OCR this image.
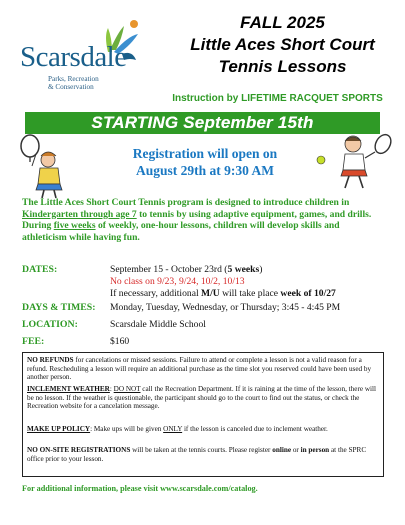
Scarsdale
Parks, Recreation
& Conservation
FALL 2025
Little Aces Short Court
Tennis Lessons
Instruction by LIFETIME RACQUET SPORTS
STARTING September 15th
Registration will open on
August 29th at 9:30 AM
The Little Aces Short Court Tennis program is designed to introduce children in Kindergarten through age 7 to tennis by using adaptive equipment, games, and drills. During five weeks of weekly, one-hour lessons, children will develop skills and athleticism while having fun.
DATES:	September 15 - October 23rd (5 weeks)
No class on 9/23, 9/24, 10/2, 10/13
If necessary, additional M/U will take place week of 10/27
DAYS & TIMES: Monday, Tuesday, Wednesday, or Thursday; 3:45 - 4:45 PM
LOCATION:	Scarsdale Middle School
FEE:	$160
NO REFUNDS for cancelations or missed sessions. Failure to attend or complete a lesson is not a valid reason for a refund. Rescheduling a lesson will require an additional purchase as the time slot you reserved could have been used by another person.
INCLEMENT WEATHER: DO NOT call the Recreation Department. If it is raining at the time of the lesson, there will be no lesson. If the weather is questionable, the participant should go to the court to find out the status, or check the Recreation website for a cancelation message.
MAKE UP POLICY: Make ups will be given ONLY if the lesson is canceled due to inclement weather.
NO ON-SITE REGISTRATIONS will be taken at the tennis courts. Please register online or in person at the SPRC office prior to your lesson.
For additional information, please visit www.scarsdale.com/catalog.
